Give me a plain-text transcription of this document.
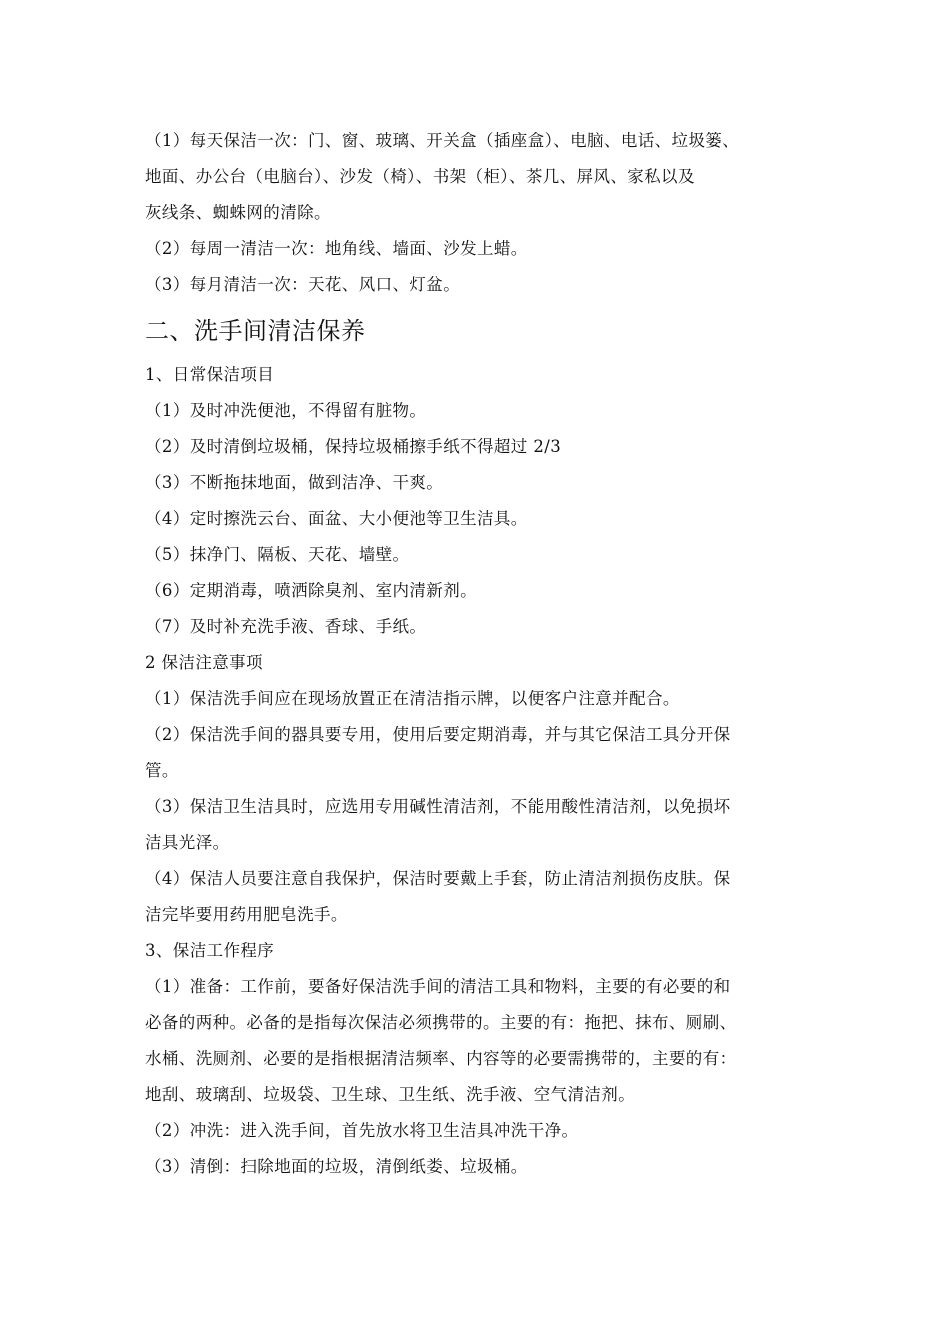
（1）每天保洁一次：门、窗、玻璃、开关盒（插座盒）、电脑、电话、垃圾篓、
地面、办公台（电脑台）、沙发（椅）、书架（柜）、茶几、屏风、家私以及
灰线条、蜘蛛网的清除。
（2）每周一清洁一次：地角线、墙面、沙发上蜡。
（3）每月清洁一次：天花、风口、灯盆。
二、洗手间清洁保养
1、日常保洁项目
（1）及时冲洗便池，不得留有脏物。
（2）及时清倒垃圾桶，保持垃圾桶擦手纸不得超过 2/3
（3）不断拖抹地面，做到洁净、干爽。
（4）定时擦洗云台、面盆、大小便池等卫生洁具。
（5）抹净门、隔板、天花、墙壁。
（6）定期消毒，喷洒除臭剂、室内清新剂。
（7）及时补充洗手液、香球、手纸。
2 保洁注意事项
（1）保洁洗手间应在现场放置正在清洁指示牌，以便客户注意并配合。
（2）保洁洗手间的器具要专用，使用后要定期消毒，并与其它保洁工具分开保
管。
（3）保洁卫生洁具时，应选用专用碱性清洁剂，不能用酸性清洁剂，以免损坏
洁具光泽。
（4）保洁人员要注意自我保护，保洁时要戴上手套，防止清洁剂损伤皮肤。保
洁完毕要用药用肥皂洗手。
3、保洁工作程序
（1）准备：工作前，要备好保洁洗手间的清洁工具和物料，主要的有必要的和
必备的两种。必备的是指每次保洁必须携带的。主要的有：拖把、抹布、厕刷、
水桶、洗厕剂、必要的是指根据清洁频率、内容等的必要需携带的，主要的有：
地刮、玻璃刮、垃圾袋、卫生球、卫生纸、洗手液、空气清洁剂。
（2）冲洗：进入洗手间，首先放水将卫生洁具冲洗干净。
（3）清倒：扫除地面的垃圾，清倒纸娄、垃圾桶。
